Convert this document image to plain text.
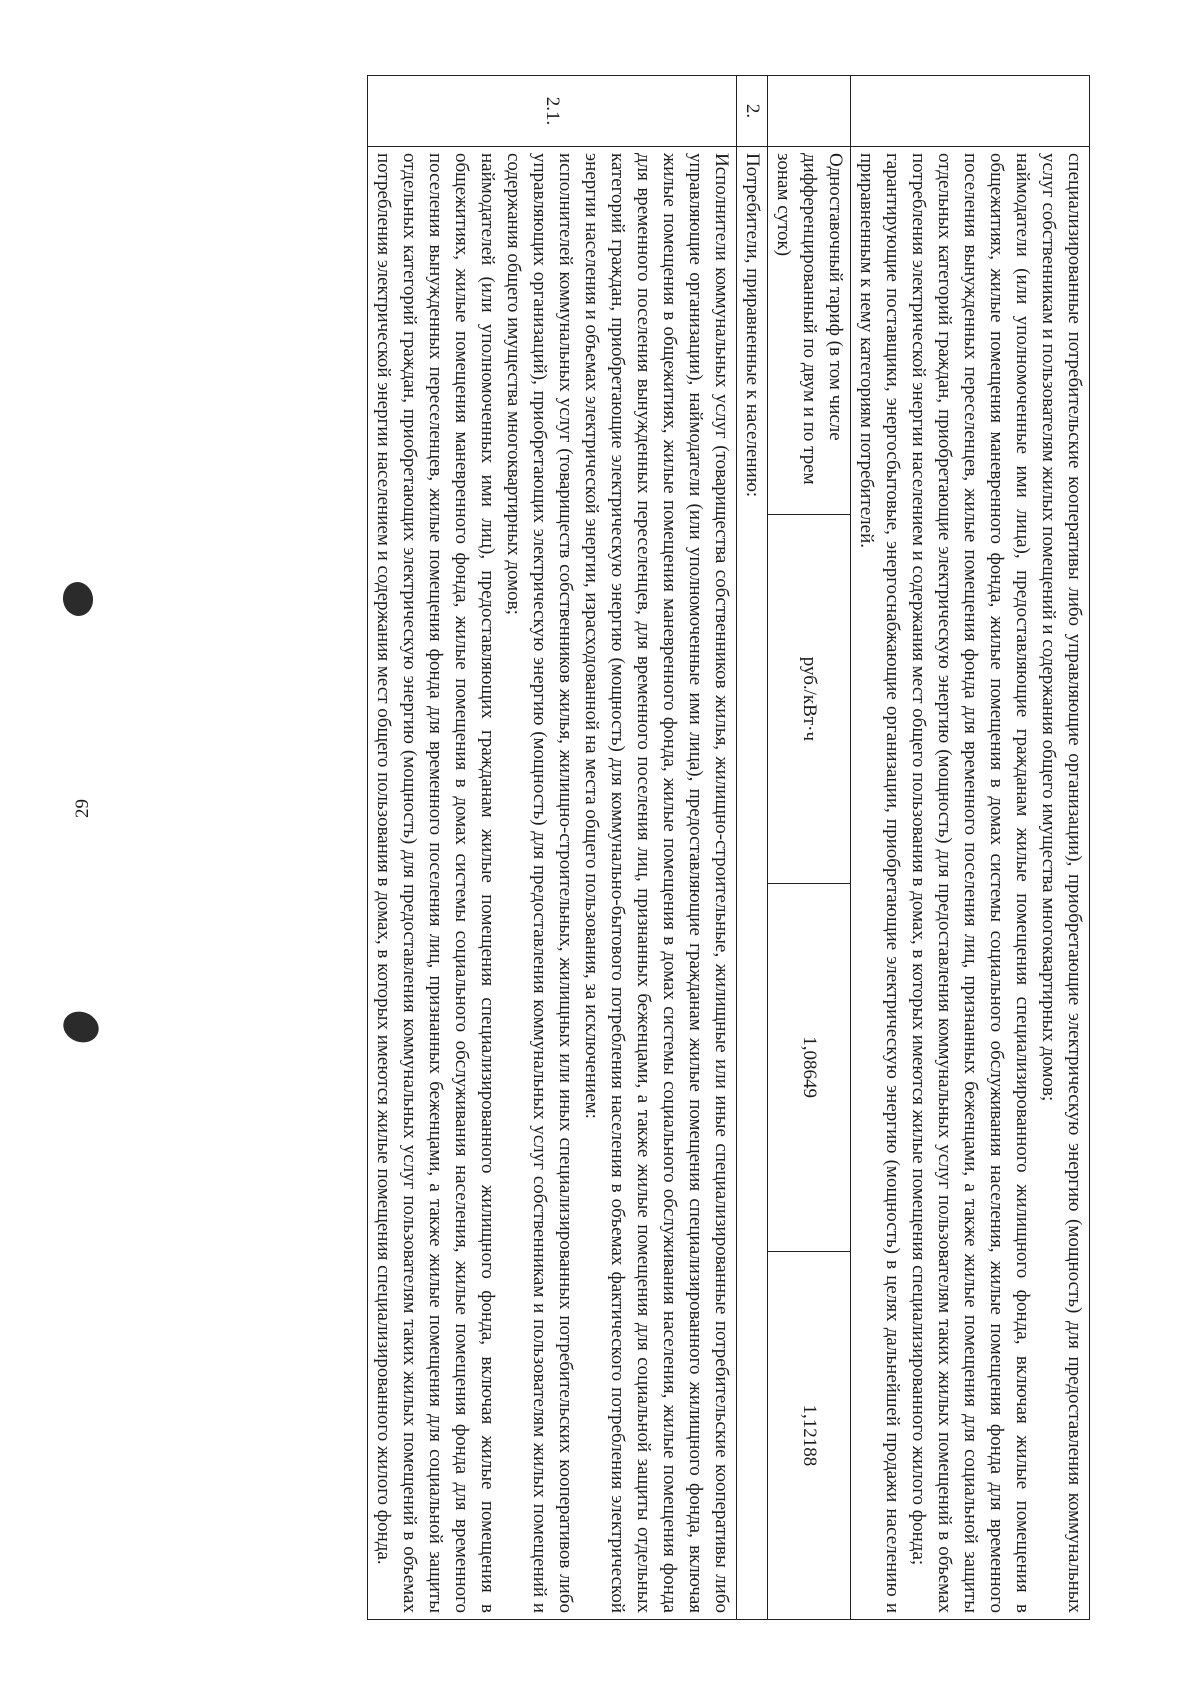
29

	специализированные потребительские кооперативы либо управляющие организации), приобретающие электрическую энергию (мощность) для предоставления коммунальных услуг собственникам и пользователям жилых помещений и содержания общего имущества многоквартирных домов;

наймодатели (или уполномоченные ими лица), предоставляющие гражданам жилые помещения специализированного жилищного фонда, включая жилые помещения в общежитиях, жилые помещения маневренного фонда, жилые помещения в домах системы социального обслуживания населения, жилые помещения фонда для временного поселения вынужденных переселенцев, жилые помещения фонда для временного поселения лиц, признанных беженцами, а также жилые помещения для социальной защиты отдельных категорий граждан, приобретающие электрическую энергию (мощность) для предоставления коммунальных услуг пользователям таких жилых помещений в объемах потребления электрической энергии населением и содержания мест общего пользования в домах, в которых имеются жилые помещения специализированного жилого фонда;

гарантирующие поставщики, энергосбытовые, энергоснабжающие организации, приобретающие электрическую энергию (мощность) в целях дальнейшей продажи населению и приравненным к нему категориям потребителей.			

	Одноставочный тариф (в том числе дифференцированный по двум и по трем зонам суток)	руб./кВт·ч	1,08649	1,12188
2.	Потребители, приравненные к населению:			
2.1.	Исполнители коммунальных услуг (товарищества собственников жилья, жилищно-строительные, жилищные или иные специализированные потребительские кооперативы либо управляющие организации), наймодатели (или уполномоченные ими лица), предоставляющие гражданам жилые помещения специализированного жилищного фонда, включая жилые помещения в общежитиях, жилые помещения маневренного фонда, жилые помещения в домах системы социального обслуживания населения, жилые помещения фонда для временного поселения вынужденных переселенцев, для временного поселения лиц, признанных беженцами, а также жилые помещения для социальной защиты отдельных категорий граждан, приобретающие электрическую энергию (мощность) для коммунально-бытового потребления населения в объемах фактического потребления электрической энергии населения и объемах электрической энергии, израсходованной на места общего пользования, за исключением:

исполнителей коммунальных услуг (товариществ собственников жилья, жилищно-строительных, жилищных или иных специализированных потребительских кооперативов либо управляющих организаций), приобретающих электрическую энергию (мощность) для предоставления коммунальных услуг собственникам и пользователям жилых помещений и содержания общего имущества многоквартирных домов;

наймодателей (или уполномоченных ими лиц), предоставляющих гражданам жилые помещения специализированного жилищного фонда, включая жилые помещения в общежитиях, жилые помещения маневренного фонда, жилые помещения в домах системы социального обслуживания населения, жилые помещения фонда для временного поселения вынужденных переселенцев, жилые помещения фонда для временного поселения лиц, признанных беженцами, а также жилые помещения для социальной защиты отдельных категорий граждан, приобретающих электрическую энергию (мощность) для предоставления коммунальных услуг пользователям таких жилых помещений в объемах потребления электрической энергии населением и содержания мест общего пользования в домах, в которых имеются жилые помещения специализированного жилого фонда.			
